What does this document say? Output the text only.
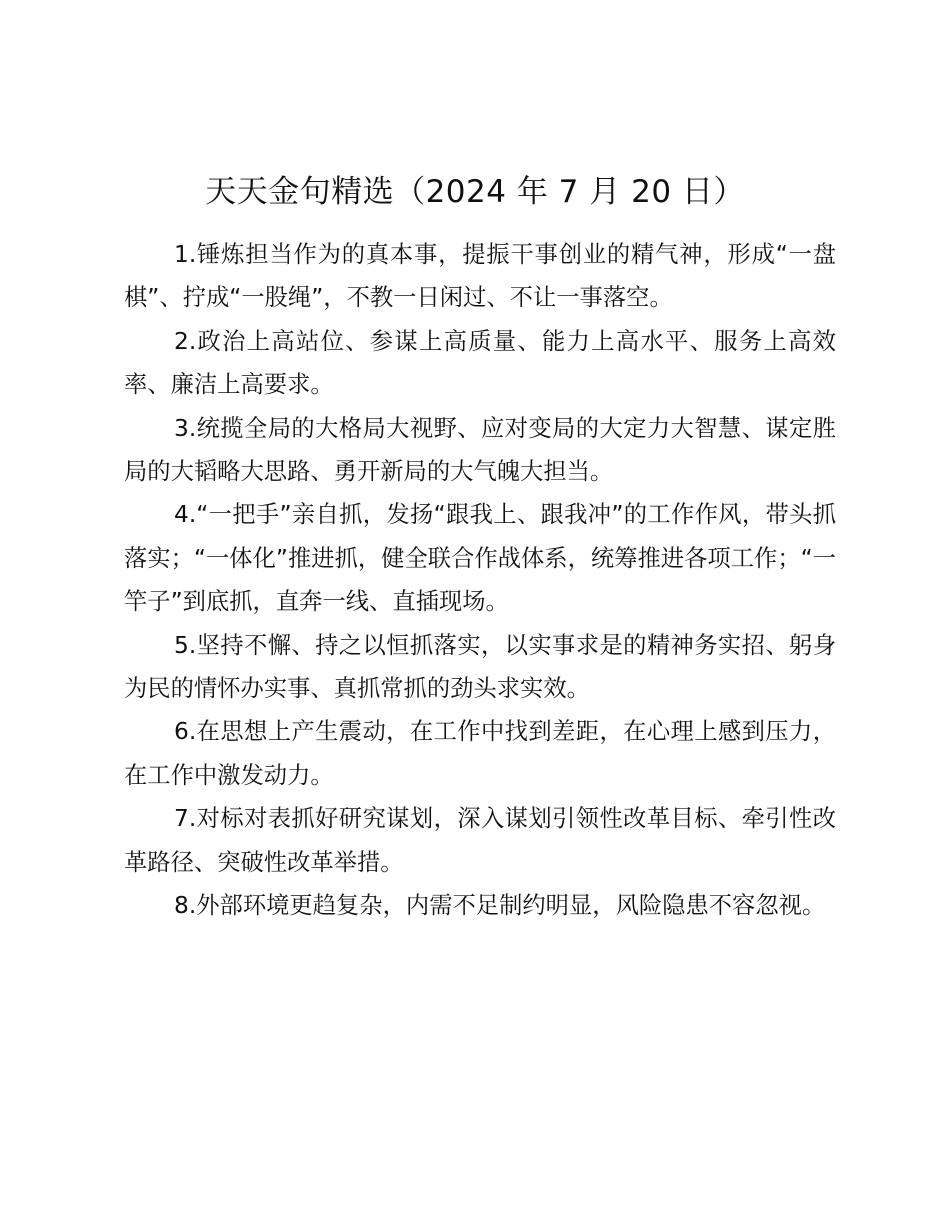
天天金句精选（2024 年 7 月 20 日）

1.锤炼担当作为的真本事，提振干事创业的精气神，形成“一盘棋”、拧成“一股绳”，不教一日闲过、不让一事落空。

2.政治上高站位、参谋上高质量、能力上高水平、服务上高效率、廉洁上高要求。

3.统揽全局的大格局大视野、应对变局的大定力大智慧、谋定胜局的大韬略大思路、勇开新局的大气魄大担当。

4.“一把手”亲自抓，发扬“跟我上、跟我冲”的工作作风，带头抓落实；“一体化”推进抓，健全联合作战体系，统筹推进各项工作；“一竿子”到底抓，直奔一线、直插现场。

5.坚持不懈、持之以恒抓落实，以实事求是的精神务实招、躬身为民的情怀办实事、真抓常抓的劲头求实效。

6.在思想上产生震动，在工作中找到差距，在心理上感到压力，在工作中激发动力。

7.对标对表抓好研究谋划，深入谋划引领性改革目标、牵引性改革路径、突破性改革举措。

8.外部环境更趋复杂，内需不足制约明显，风险隐患不容忽视。
